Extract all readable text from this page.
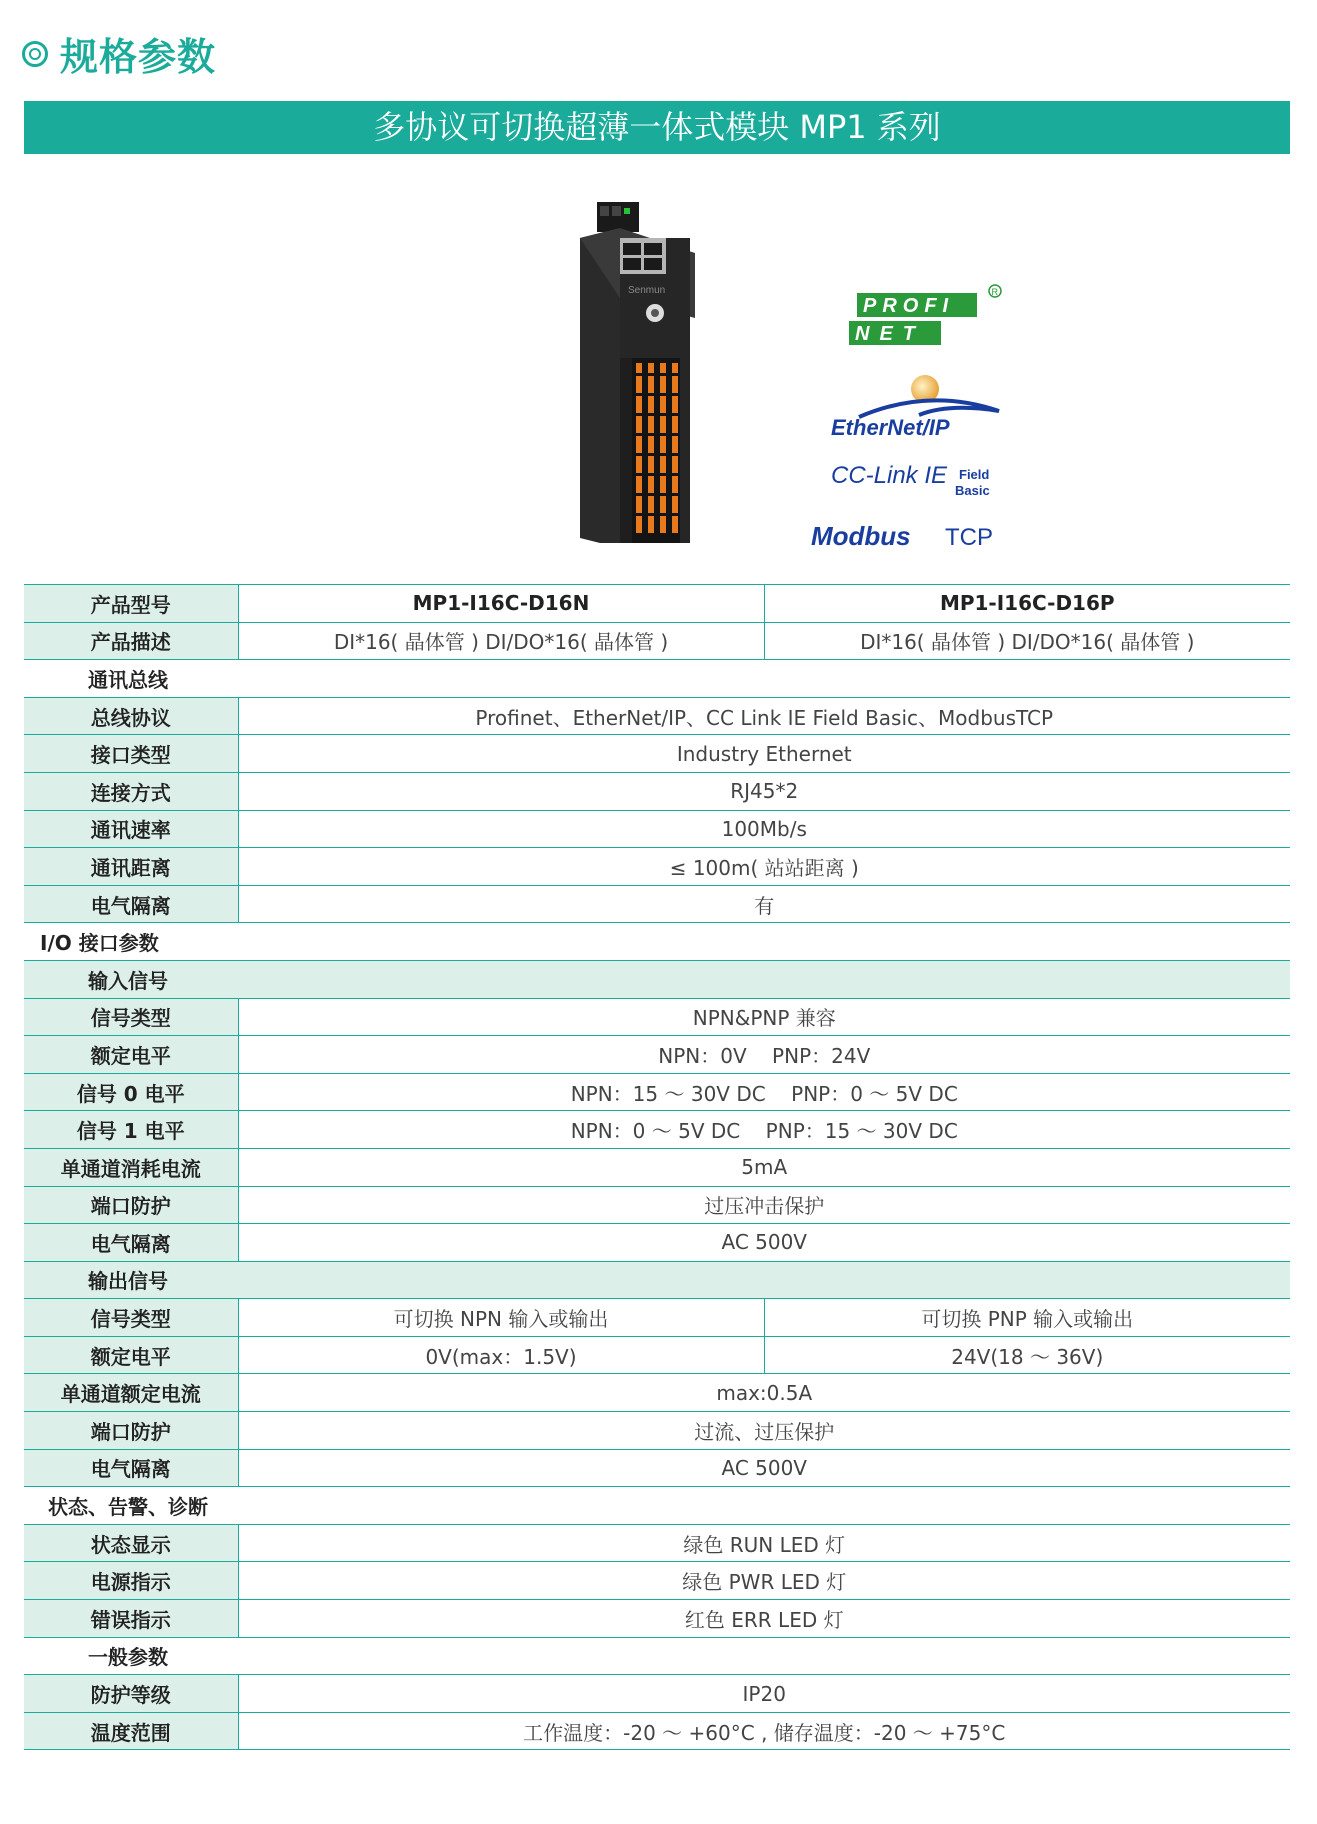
规格参数
多协议可切换超薄一体式模块 MP1 系列
Senmun
PROFI
NET
R
EtherNet/IP
CC-Link IE Field
Basic
Modbus TCP
产品型号	MP1-I16C-D16N	MP1-I16C-D16P
产品描述	DI*16( 晶体管 ) DI/DO*16( 晶体管 )	DI*16( 晶体管 ) DI/DO*16( 晶体管 )
通讯总线		
总线协议	Profinet、EtherNet/IP、CC Link IE Field Basic、ModbusTCP	
接口类型	Industry Ethernet	
连接方式	RJ45*2	
通讯速率	100Mb/s	
通讯距离	≤ 100m( 站站距离 )	
电气隔离	有	
I/O 接口参数		
输入信号		
信号类型	NPN&PNP 兼容	
额定电平	NPN：0V    PNP：24V	
信号 0 电平	NPN：15 ～ 30V DC    PNP：0 ～ 5V DC	
信号 1 电平	NPN：0 ～ 5V DC    PNP：15 ～ 30V DC	
单通道消耗电流	5mA	
端口防护	过压冲击保护	
电气隔离	AC 500V	
输出信号		
信号类型	可切换 NPN 输入或输出	可切换 PNP 输入或输出
额定电平	0V(max：1.5V)	24V(18 ～ 36V)
单通道额定电流	max:0.5A	
端口防护	过流、过压保护	
电气隔离	AC 500V	
状态、告警、诊断		
状态显示	绿色 RUN LED 灯	
电源指示	绿色 PWR LED 灯	
错误指示	红色 ERR LED 灯	
一般参数		
防护等级	IP20	
温度范围	工作温度：-20 ～ +60°C , 储存温度：-20 ～ +75°C	
